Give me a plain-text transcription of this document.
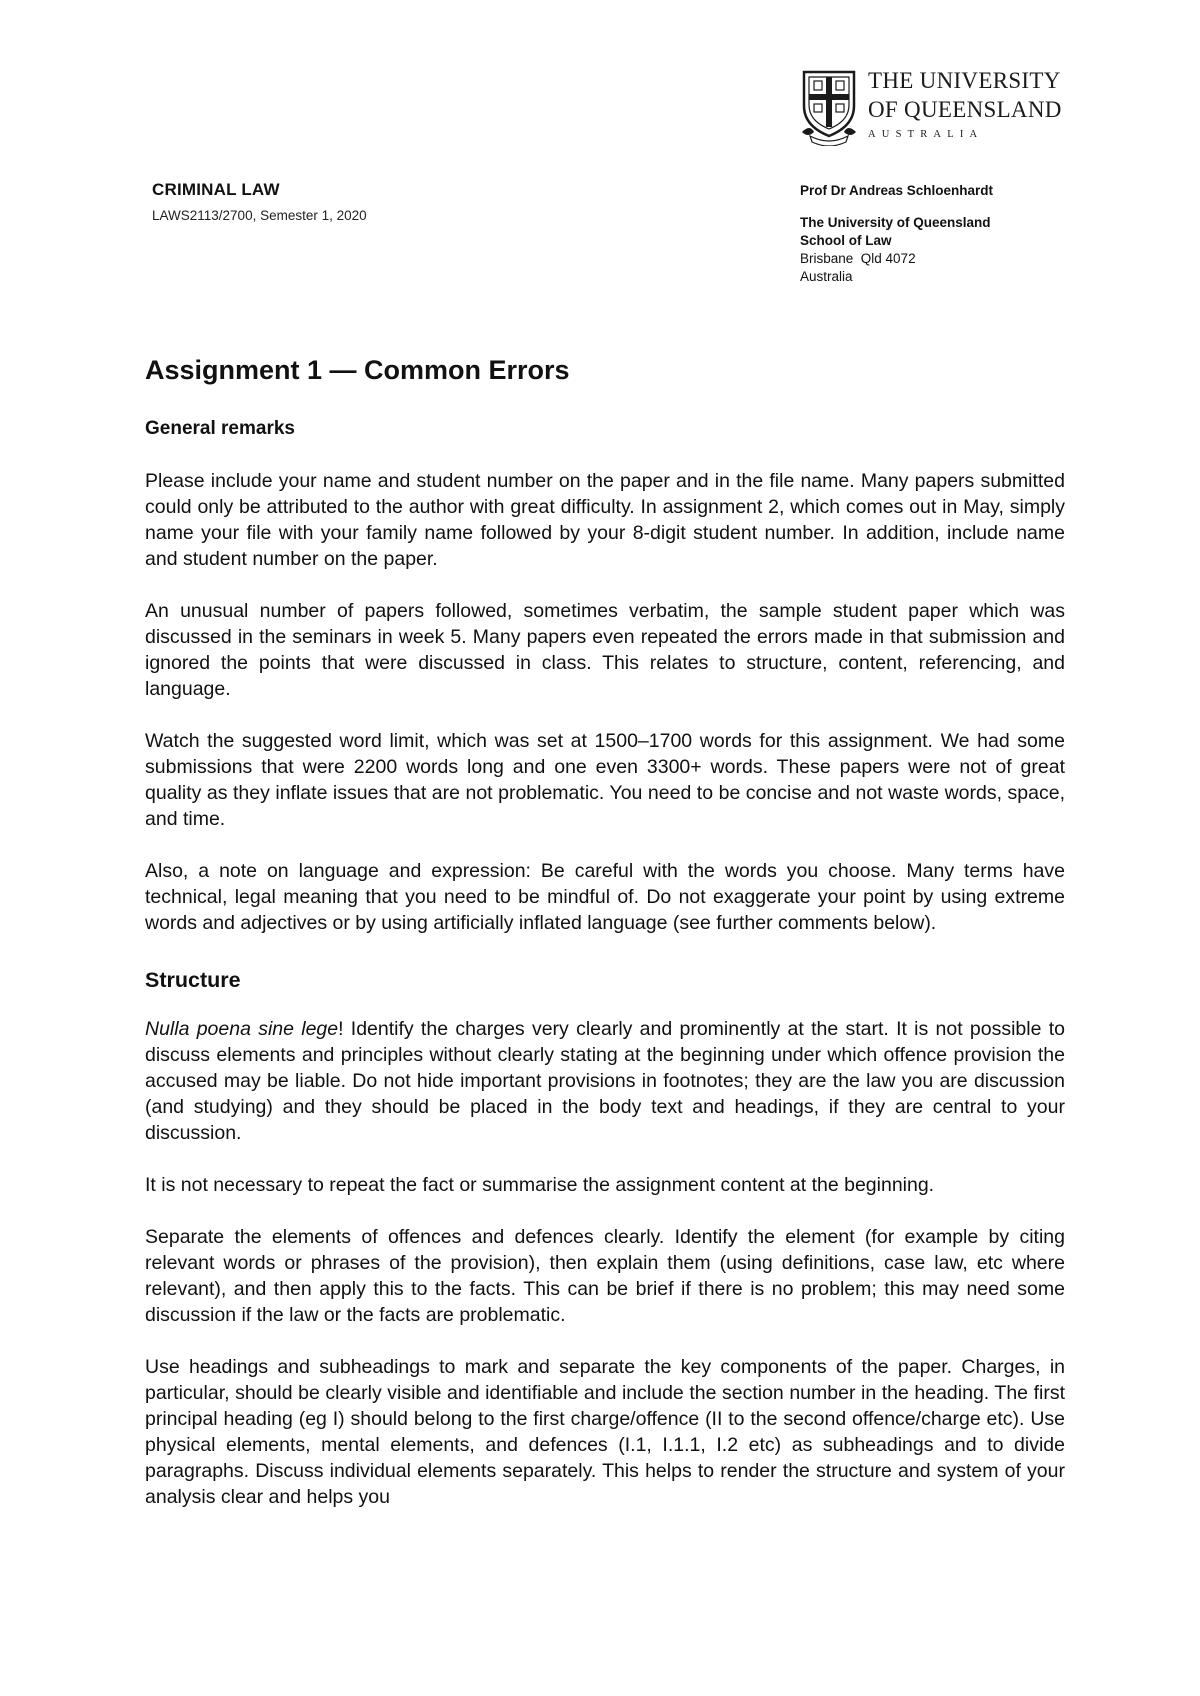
THE UNIVERSITY
OF QUEENSLAND
AUSTRALIA
CRIMINAL LAW
LAWS2113/2700, Semester 1, 2020
Prof Dr Andreas Schloenhardt
The University of Queensland
School of Law
Brisbane  Qld 4072
Australia
Assignment 1 — Common Errors
General remarks

Please include your name and student number on the paper and in the file name. Many papers submitted could only be attributed to the author with great difficulty. In assignment 2, which comes out in May, simply name your file with your family name followed by your 8-digit student number. In addition, include name and student number on the paper.

An unusual number of papers followed, sometimes verbatim, the sample student paper which was discussed in the seminars in week 5. Many papers even repeated the errors made in that submission and ignored the points that were discussed in class. This relates to structure, content, referencing, and language.

Watch the suggested word limit, which was set at 1500–1700 words for this assignment. We had some submissions that were 2200 words long and one even 3300+ words. These papers were not of great quality as they inflate issues that are not problematic. You need to be concise and not waste words, space, and time.

Also, a note on language and expression: Be careful with the words you choose. Many terms have technical, legal meaning that you need to be mindful of. Do not exaggerate your point by using extreme words and adjectives or by using artificially inflated language (see further comments below).

Structure

Nulla poena sine lege! Identify the charges very clearly and prominently at the start. It is not possible to discuss elements and principles without clearly stating at the beginning under which offence provision the accused may be liable. Do not hide important provisions in footnotes; they are the law you are discussion (and studying) and they should be placed in the body text and headings, if they are central to your discussion.

It is not necessary to repeat the fact or summarise the assignment content at the beginning.

Separate the elements of offences and defences clearly. Identify the element (for example by citing relevant words or phrases of the provision), then explain them (using definitions, case law, etc where relevant), and then apply this to the facts. This can be brief if there is no problem; this may need some discussion if the law or the facts are problematic.

Use headings and subheadings to mark and separate the key components of the paper. Charges, in particular, should be clearly visible and identifiable and include the section number in the heading. The first principal heading (eg I) should belong to the first charge/offence (II to the second offence/charge etc). Use physical elements, mental elements, and defences (I.1, I.1.1, I.2 etc) as subheadings and to divide paragraphs. Discuss individual elements separately. This helps to render the structure and system of your analysis clear and helps you
